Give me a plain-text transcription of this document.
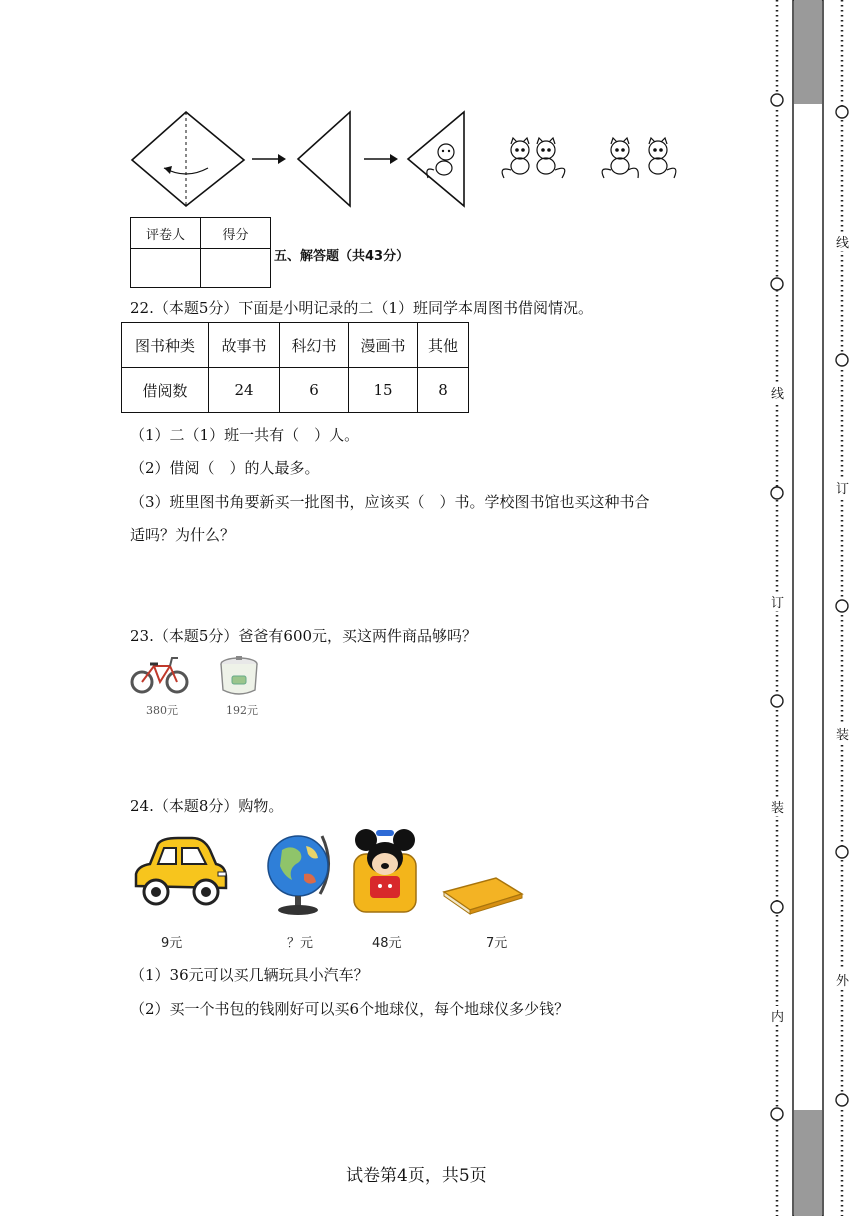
评卷人	得分

五、解答题（共43分）
22.（本题5分）下面是小明记录的二（1）班同学本周图书借阅情况。
图书种类	故事书	科幻书	漫画书	其他
借阅数	24	6	15	8
（1）二（1）班一共有（　）人。
（2）借阅（　）的人最多。
（3）班里图书角要新买一批图书，应该买（　）书。学校图书馆也买这种书合
适吗？为什么？
23.（本题5分）爸爸有600元，买这两件商品够吗？
380元	192元
24.（本题8分）购物。
9元	？元	48元	7元
（1）36元可以买几辆玩具小汽车？
（2）买一个书包的钱刚好可以买6个地球仪，每个地球仪多少钱？
试卷第4页，共5页
线
订
装
内
线
订
装
外
